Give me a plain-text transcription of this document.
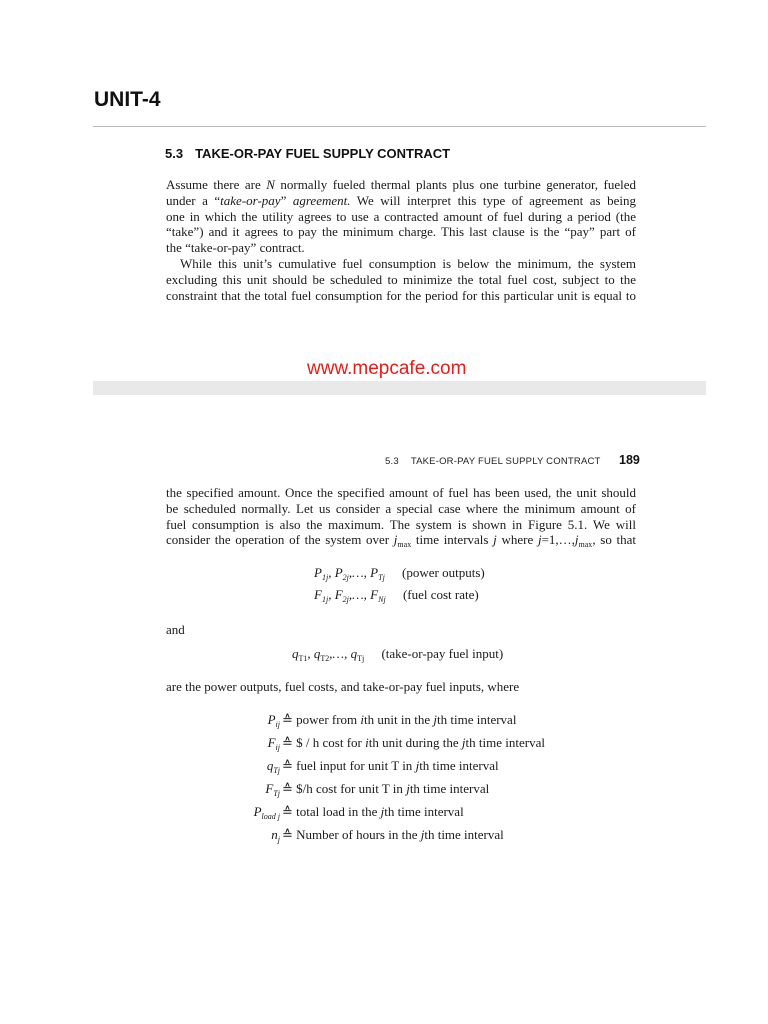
UNIT-4
5.3 TAKE-OR-PAY FUEL SUPPLY CONTRACT
Assume there are N normally fueled thermal plants plus one turbine generator, fueled
under a “take-or-pay” agreement. We will interpret this type of agreement as being
one in which the utility agrees to use a contracted amount of fuel during a period (the
“take”) and it agrees to pay the minimum charge. This last clause is the “pay” part of
the “take-or-pay” contract.
While this unit’s cumulative fuel consumption is below the minimum, the system
excluding this unit should be scheduled to minimize the total fuel cost, subject to the
constraint that the total fuel consumption for the period for this particular unit is equal to
www.mepcafe.com
5.3 TAKE-OR-PAY FUEL SUPPLY CONTRACT 189
the specified amount. Once the specified amount of fuel has been used, the unit should
be scheduled normally. Let us consider a special case where the minimum amount of
fuel consumption is also the maximum. The system is shown in Figure 5.1. We will
consider the operation of the system over $j_{max}$ time intervals j where $j=1,\dots,j_{max}$, so that
$P_{1j}$, $P_{2j},\dots$, $P_{Tj}$ (power outputs)
$F_{1j}$, $F_{2j},\dots$, $F_{Nj}$ (fuel cost rate)
and
$q_{T1}$, $q_{T2},\dots$, $q_{Tj}$ (take-or-pay fuel input)
are the power outputs, fuel costs, and take-or-pay fuel inputs, where
$P_{ij}$ ≙ power from ith unit in the jth time interval
$F_{ij}$ ≙ $ / h cost for ith unit during the jth time interval
$q_{Tj}$ ≙ fuel input for unit T in jth time interval
$F_{Tj}$ ≙ $/h cost for unit T in jth time interval
$P_{load j}$ ≙ total load in the jth time interval
$n_j$ ≙ Number of hours in the jth time interval
